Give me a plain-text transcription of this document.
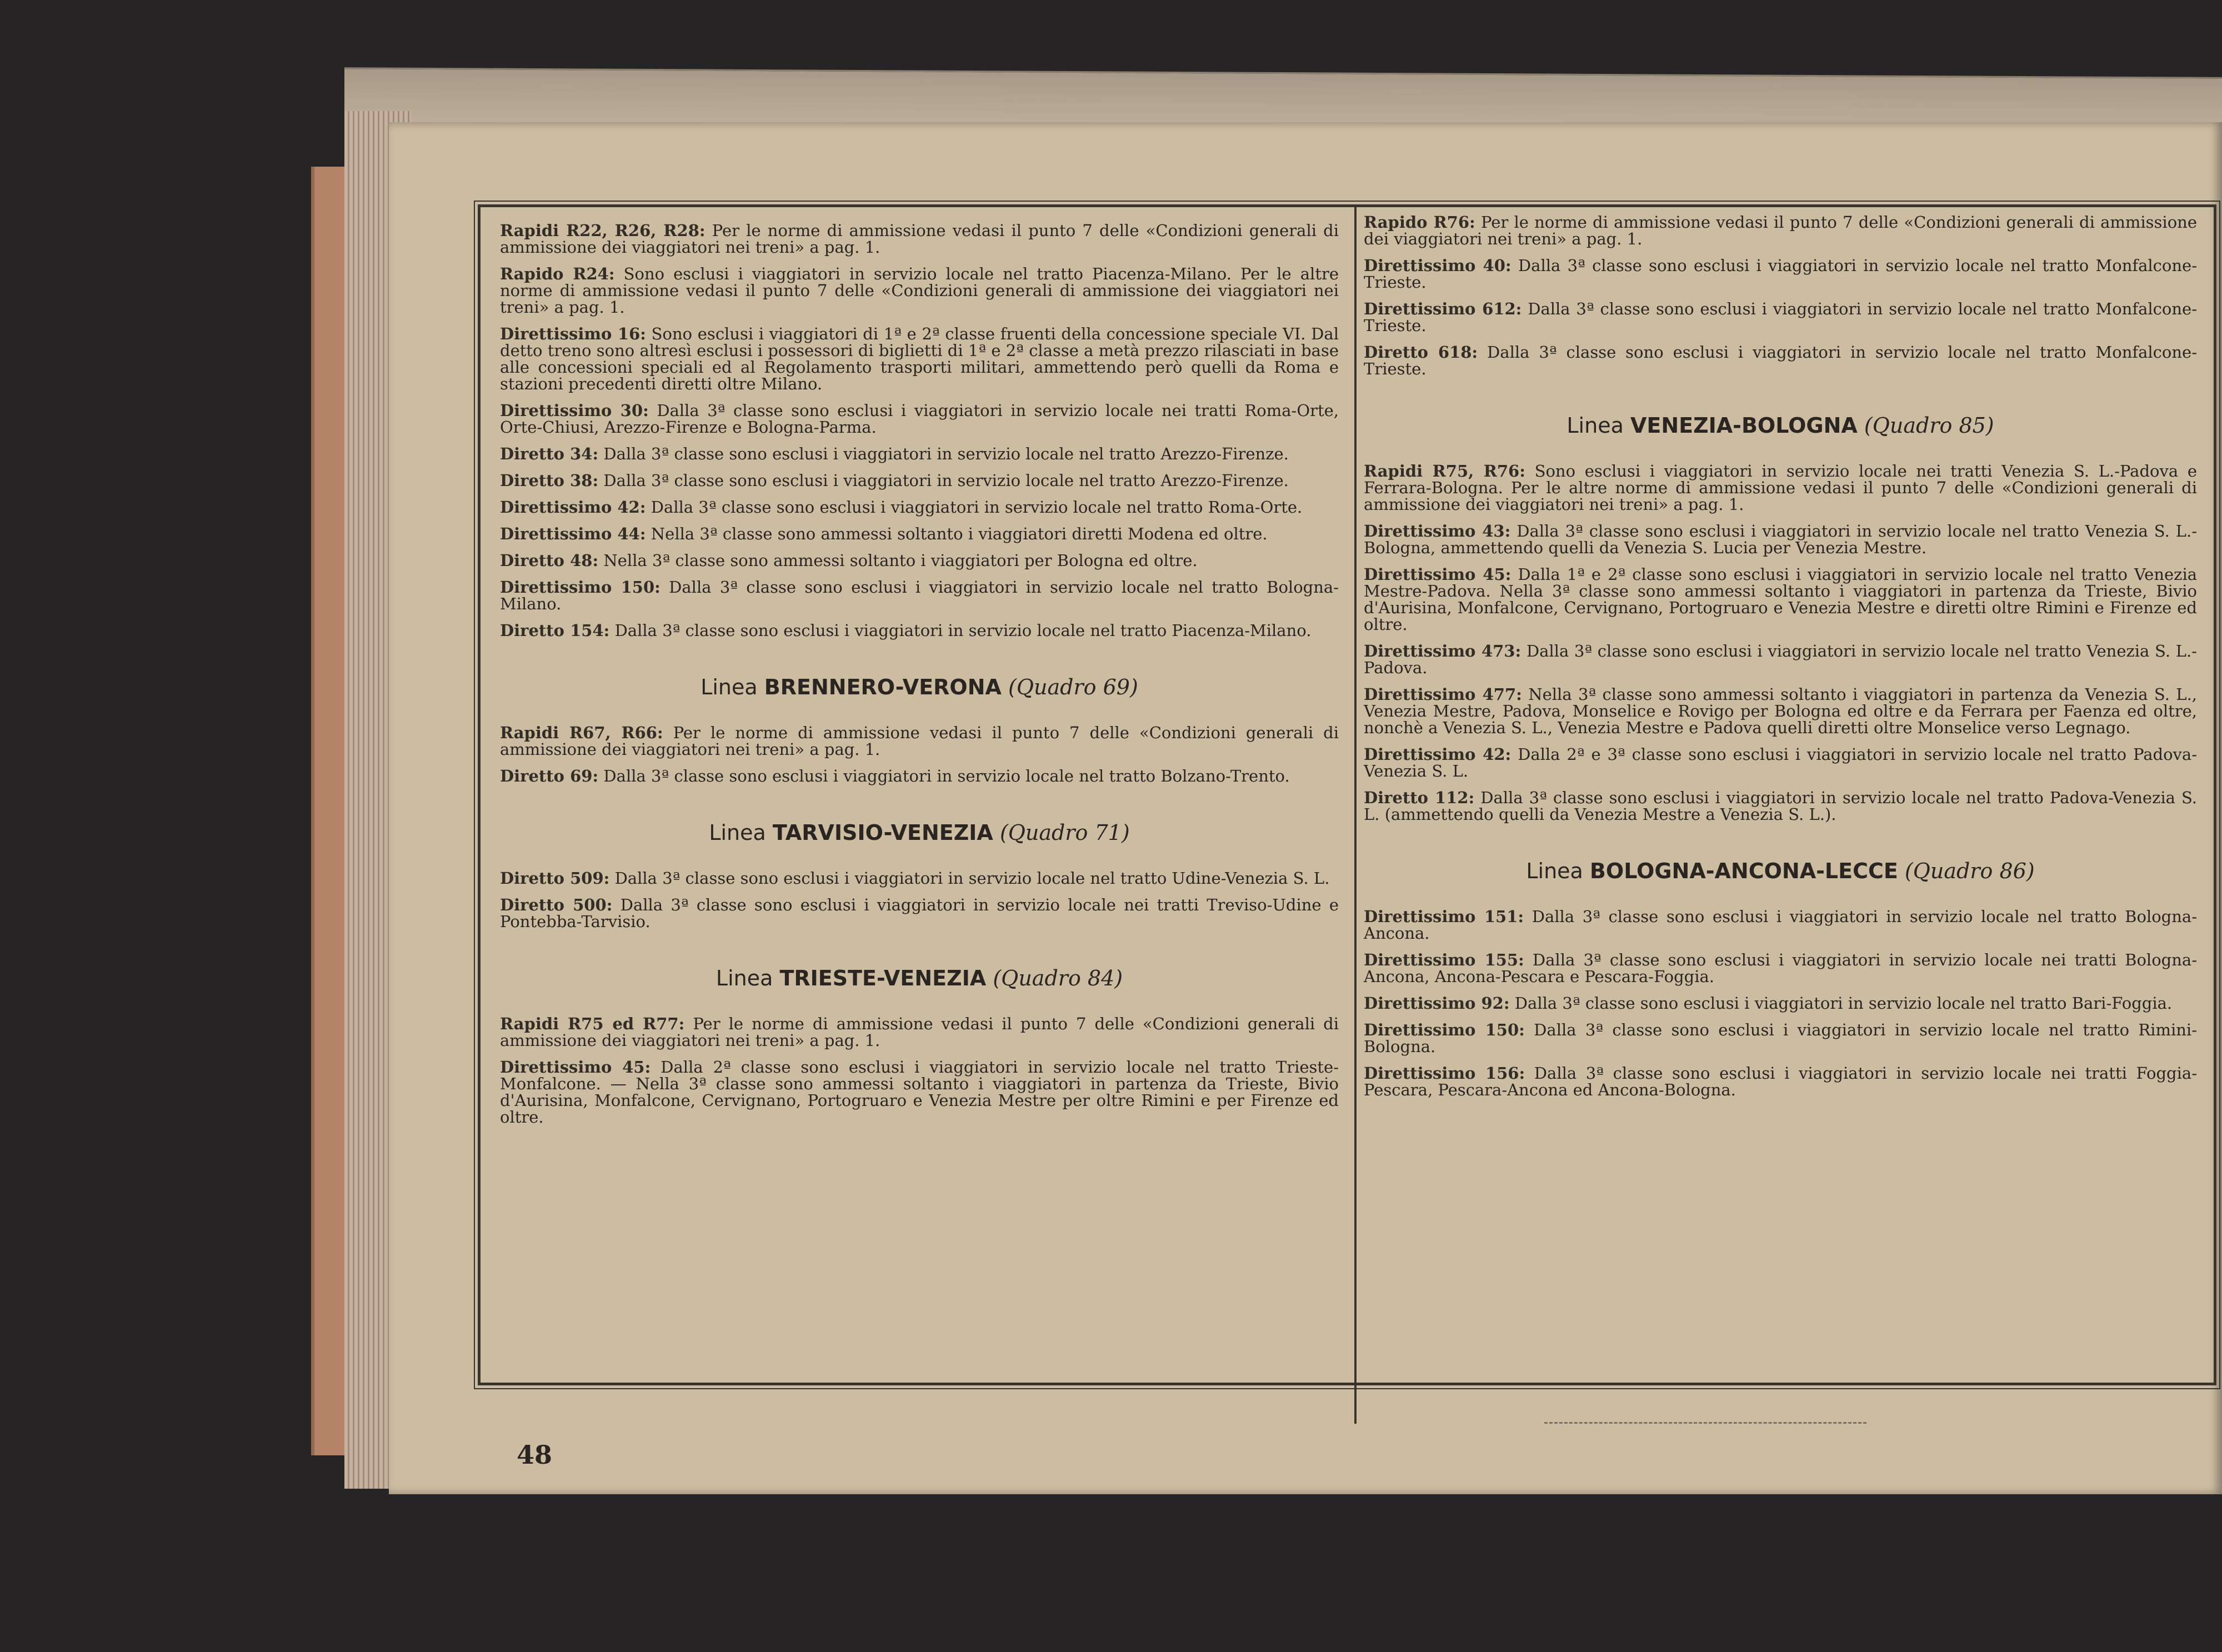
Rapidi R22, R26, R28: Per le norme di ammissione vedasi il punto 7 delle «Condizioni generali di ammissione dei viaggiatori nei treni» a pag. 1.
Rapido R24: Sono esclusi i viaggiatori in servizio locale nel tratto Piacenza-Milano. Per le altre norme di ammissione vedasi il punto 7 delle «Condizioni generali di ammissione dei viaggiatori nei treni» a pag. 1.
Direttissimo 16: Sono esclusi i viaggiatori di 1ª e 2ª classe fruenti della concessione speciale VI. Dal detto treno sono altresì esclusi i possessori di biglietti di 1ª e 2ª classe a metà prezzo rilasciati in base alle concessioni speciali ed al Regolamento trasporti militari, ammettendo però quelli da Roma e stazioni precedenti diretti oltre Milano.
Direttissimo 30: Dalla 3ª classe sono esclusi i viaggiatori in servizio locale nei tratti Roma-Orte, Orte-Chiusi, Arezzo-Firenze e Bologna-Parma.
Diretto 34: Dalla 3ª classe sono esclusi i viaggiatori in servizio locale nel tratto Arezzo-Firenze.
Diretto 38: Dalla 3ª classe sono esclusi i viaggiatori in servizio locale nel tratto Arezzo-Firenze.
Direttissimo 42: Dalla 3ª classe sono esclusi i viaggiatori in servizio locale nel tratto Roma-Orte.
Direttissimo 44: Nella 3ª classe sono ammessi soltanto i viaggiatori diretti Modena ed oltre.
Diretto 48: Nella 3ª classe sono ammessi soltanto i viaggiatori per Bologna ed oltre.
Direttissimo 150: Dalla 3ª classe sono esclusi i viaggiatori in servizio locale nel tratto Bologna-Milano.
Diretto 154: Dalla 3ª classe sono esclusi i viaggiatori in servizio locale nel tratto Piacenza-Milano.
Linea BRENNERO-VERONA (Quadro 69)
Rapidi R67, R66: Per le norme di ammissione vedasi il punto 7 delle «Condizioni generali di ammissione dei viaggiatori nei treni» a pag. 1.
Diretto 69: Dalla 3ª classe sono esclusi i viaggiatori in servizio locale nel tratto Bolzano-Trento.
Linea TARVISIO-VENEZIA (Quadro 71)
Diretto 509: Dalla 3ª classe sono esclusi i viaggiatori in servizio locale nel tratto Udine-Venezia S. L.
Diretto 500: Dalla 3ª classe sono esclusi i viaggiatori in servizio locale nei tratti Treviso-Udine e Pontebba-Tarvisio.
Linea TRIESTE-VENEZIA (Quadro 84)
Rapidi R75 ed R77: Per le norme di ammissione vedasi il punto 7 delle «Condizioni generali di ammissione dei viaggiatori nei treni» a pag. 1.
Direttissimo 45: Dalla 2ª classe sono esclusi i viaggiatori in servizio locale nel tratto Trieste-Monfalcone. — Nella 3ª classe sono ammessi soltanto i viaggiatori in partenza da Trieste, Bivio d'Aurisina, Monfalcone, Cervignano, Portogruaro e Venezia Mestre per oltre Rimini e per Firenze ed oltre.
Rapido R76: Per le norme di ammissione vedasi il punto 7 delle «Condizioni generali di ammissione dei viaggiatori nei treni» a pag. 1.
Direttissimo 40: Dalla 3ª classe sono esclusi i viaggiatori in servizio locale nel tratto Monfalcone-Trieste.
Direttissimo 612: Dalla 3ª classe sono esclusi i viaggiatori in servizio locale nel tratto Monfalcone-Trieste.
Diretto 618: Dalla 3ª classe sono esclusi i viaggiatori in servizio locale nel tratto Monfalcone-Trieste.
Linea VENEZIA-BOLOGNA (Quadro 85)
Rapidi R75, R76: Sono esclusi i viaggiatori in servizio locale nei tratti Venezia S. L.-Padova e Ferrara-Bologna. Per le altre norme di ammissione vedasi il punto 7 delle «Condizioni generali di ammissione dei viaggiatori nei treni» a pag. 1.
Direttissimo 43: Dalla 3ª classe sono esclusi i viaggiatori in servizio locale nel tratto Venezia S. L.-Bologna, ammettendo quelli da Venezia S. Lucia per Venezia Mestre.
Direttissimo 45: Dalla 1ª e 2ª classe sono esclusi i viaggiatori in servizio locale nel tratto Venezia Mestre-Padova. Nella 3ª classe sono ammessi soltanto i viaggiatori in partenza da Trieste, Bivio d'Aurisina, Monfalcone, Cervignano, Portogruaro e Venezia Mestre e diretti oltre Rimini e Firenze ed oltre.
Direttissimo 473: Dalla 3ª classe sono esclusi i viaggiatori in servizio locale nel tratto Venezia S. L.-Padova.
Direttissimo 477: Nella 3ª classe sono ammessi soltanto i viaggiatori in partenza da Venezia S. L., Venezia Mestre, Padova, Monselice e Rovigo per Bologna ed oltre e da Ferrara per Faenza ed oltre, nonchè a Venezia S. L., Venezia Mestre e Padova quelli diretti oltre Monselice verso Legnago.
Direttissimo 42: Dalla 2ª e 3ª classe sono esclusi i viaggiatori in servizio locale nel tratto Padova-Venezia S. L.
Diretto 112: Dalla 3ª classe sono esclusi i viaggiatori in servizio locale nel tratto Padova-Venezia S. L. (ammettendo quelli da Venezia Mestre a Venezia S. L.).
Linea BOLOGNA-ANCONA-LECCE (Quadro 86)
Direttissimo 151: Dalla 3ª classe sono esclusi i viaggiatori in servizio locale nel tratto Bologna-Ancona.
Direttissimo 155: Dalla 3ª classe sono esclusi i viaggiatori in servizio locale nei tratti Bologna-Ancona, Ancona-Pescara e Pescara-Foggia.
Direttissimo 92: Dalla 3ª classe sono esclusi i viaggiatori in servizio locale nel tratto Bari-Foggia.
Direttissimo 150: Dalla 3ª classe sono esclusi i viaggiatori in servizio locale nel tratto Rimini-Bologna.
Direttissimo 156: Dalla 3ª classe sono esclusi i viaggiatori in servizio locale nei tratti Foggia-Pescara, Pescara-Ancona ed Ancona-Bologna.
48
